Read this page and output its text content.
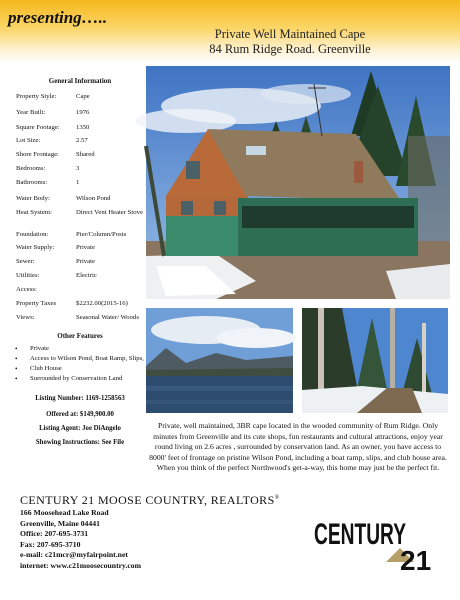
presenting…..
Private Well Maintained Cape
84 Rum Ridge Road. Greenville
General Information
Property Style:	Cape
Year Built:	1976
Square Footage:	1350
Lot Size:	2.57
Shore Frontage:	Shared
Bedrooms:	3
Bathrooms:	1
Water Body:	Wilson Pond
Heat System:	Direct Vent Heater Stove
Foundation:	Pier/Column/Posts
Water Supply:	Private
Sewer:	Private
Utilities:	Electric
Access:
Property Taxes	$2232.00(2015-16)
Views:	Seasonal Water/ Woods
Other Features
• Private
• Access to Wilson Pond, Boat Ramp, Slips,
• Club House
• Surrounded by Conservation Land
Listing Number: 1169-1258563
Offered at: $149,900.00
Listing Agent: Joe DiAngelo
Showing Instructions: See File
Private, well maintained, 3BR cape located in the wooded community of Rum Ridge. Only minutes from Greenville and its cute shops, fun restaurants and cultural attractions, enjoy year round living on 2.6 acres , surrounded by conservation land. As an owner, you have access to 8000' feet of frontage on pristine Wilson Pond, including a boat ramp, slips, and club house area. When you think of the perfect Northwood's get-a-way, this home may just be the perfect fit.
CENTURY 21 MOOSE COUNTRY, REALTORS®
166 Moosehead Lake Road
Greenville, Maine 04441
Office: 207-695-3731
Fax: 207-695-3710
e-mail: c21mcr@myfairpoint.net
internet: www.c21moosecountry.com
CENTURY
21
